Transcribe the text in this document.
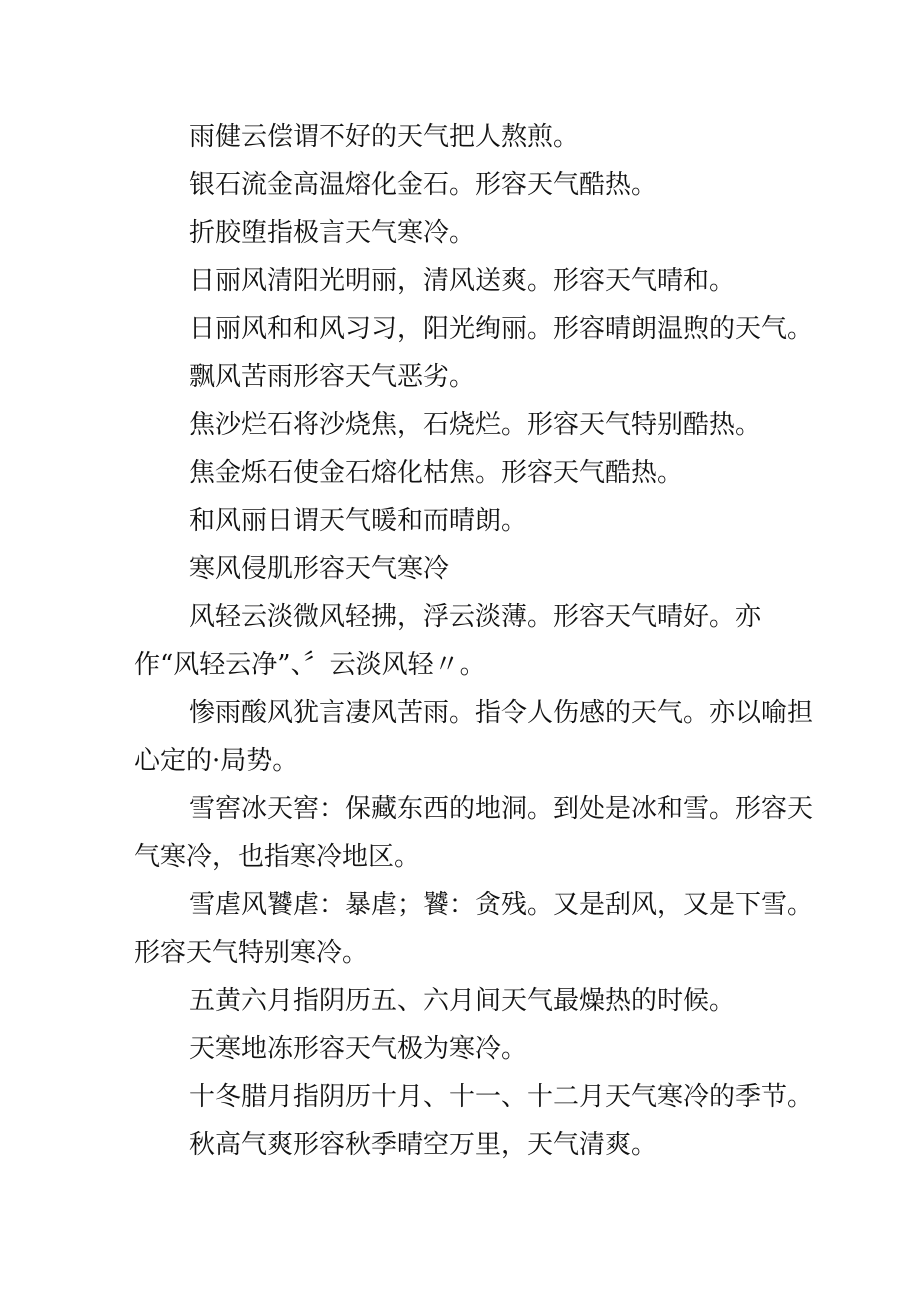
雨健云偿谓不好的天气把人熬煎。

银石流金高温熔化金石。形容天气酷热。

折胶堕指极言天气寒冷。

日丽风清阳光明丽，清风送爽。形容天气晴和。

日丽风和和风习习，阳光绚丽。形容晴朗温煦的天气。

飘风苦雨形容天气恶劣。

焦沙烂石将沙烧焦，石烧烂。形容天气特别酷热。

焦金烁石使金石熔化枯焦。形容天气酷热。

和风丽日谓天气暖和而晴朗。

寒风侵肌形容天气寒冷

风轻云淡微风轻拂，浮云淡薄。形容天气晴好。亦作“风轻云净”、〞云淡风轻〃。

惨雨酸风犹言凄风苦雨。指令人伤感的天气。亦以喻担心定的·局势。

雪窖冰天窖：保藏东西的地洞。到处是冰和雪。形容天气寒冷，也指寒冷地区。

雪虐风饕虐：暴虐；饕：贪残。又是刮风，又是下雪。形容天气特别寒冷。

五黄六月指阴历五、六月间天气最燥热的时候。

天寒地冻形容天气极为寒冷。

十冬腊月指阴历十月、十一、十二月天气寒冷的季节。

秋高气爽形容秋季晴空万里，天气清爽。
